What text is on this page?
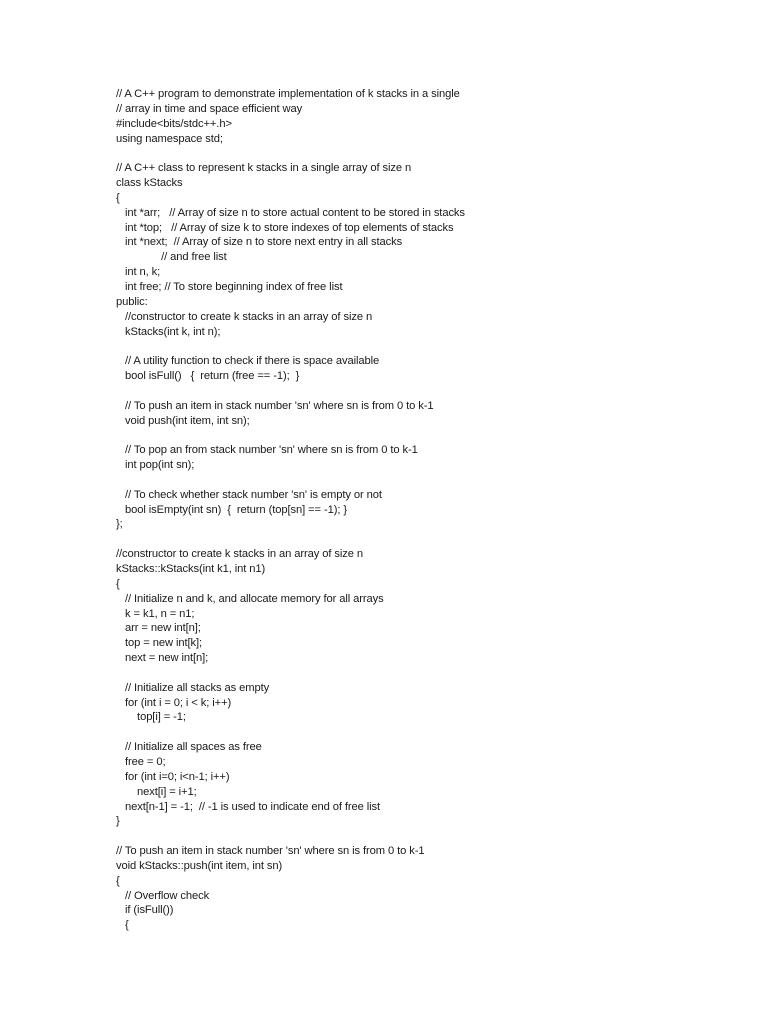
// A C++ program to demonstrate implementation of k stacks in a single
// array in time and space efficient way
#include<bits/stdc++.h>
using namespace std;
// A C++ class to represent k stacks in a single array of size n
class kStacks
{
int *arr;   // Array of size n to store actual content to be stored in stacks
int *top;   // Array of size k to store indexes of top elements of stacks
int *next;  // Array of size n to store next entry in all stacks
// and free list
int n, k;
int free; // To store beginning index of free list
public:
//constructor to create k stacks in an array of size n
kStacks(int k, int n);
// A utility function to check if there is space available
bool isFull()   {  return (free == -1);  }
// To push an item in stack number 'sn' where sn is from 0 to k-1
void push(int item, int sn);
// To pop an from stack number 'sn' where sn is from 0 to k-1
int pop(int sn);
// To check whether stack number 'sn' is empty or not
bool isEmpty(int sn)  {  return (top[sn] == -1); }
};
//constructor to create k stacks in an array of size n
kStacks::kStacks(int k1, int n1)
{
// Initialize n and k, and allocate memory for all arrays
k = k1, n = n1;
arr = new int[n];
top = new int[k];
next = new int[n];
// Initialize all stacks as empty
for (int i = 0; i < k; i++)
top[i] = -1;
// Initialize all spaces as free
free = 0;
for (int i=0; i<n-1; i++)
next[i] = i+1;
next[n-1] = -1;  // -1 is used to indicate end of free list
}
// To push an item in stack number 'sn' where sn is from 0 to k-1
void kStacks::push(int item, int sn)
{
// Overflow check
if (isFull())
{
